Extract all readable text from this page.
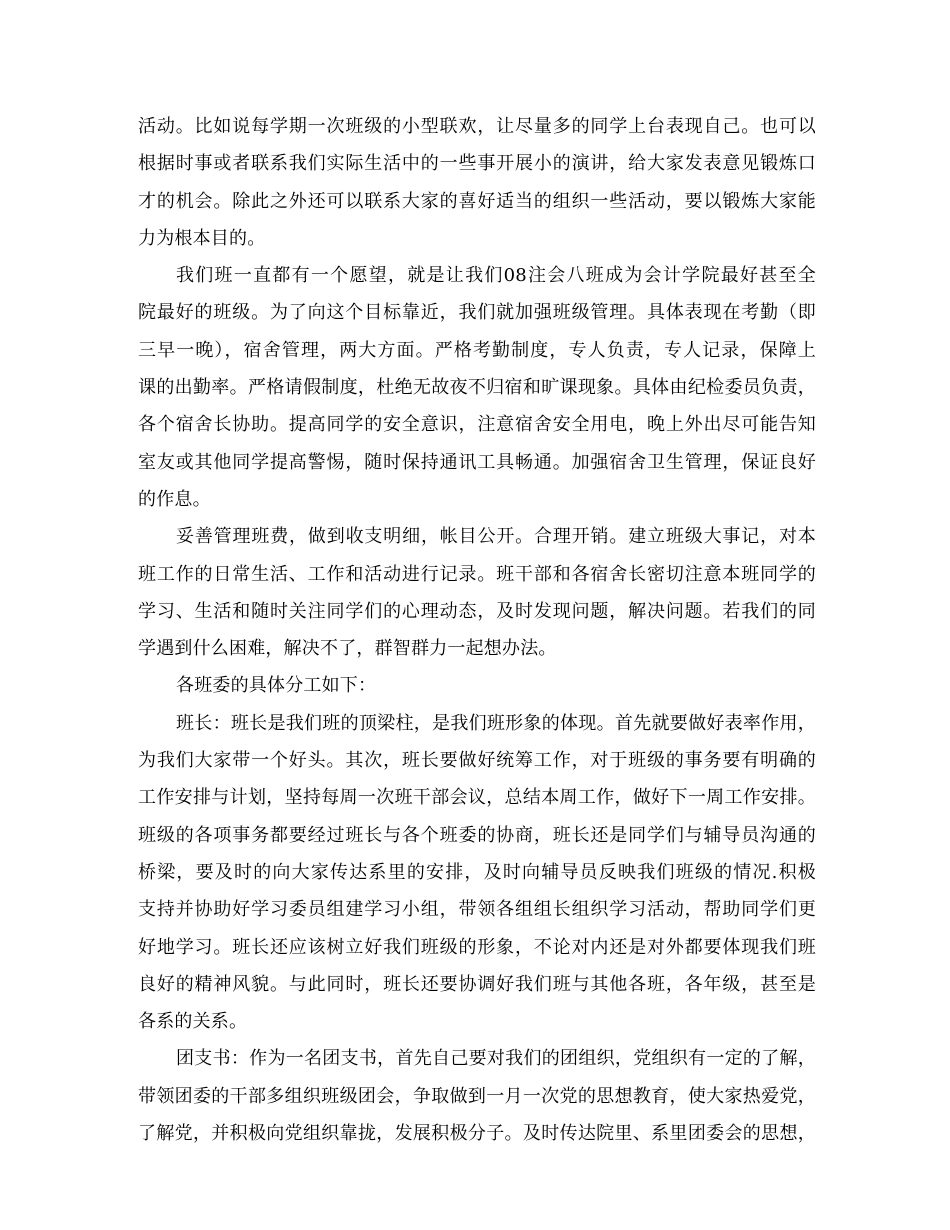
活动。比如说每学期一次班级的小型联欢，让尽量多的同学上台表现自己。也可以
根据时事或者联系我们实际生活中的一些事开展小的演讲，给大家发表意见锻炼口
才的机会。除此之外还可以联系大家的喜好适当的组织一些活动，要以锻炼大家能
力为根本目的。
我们班一直都有一个愿望，就是让我们08注会八班成为会计学院最好甚至全
院最好的班级。为了向这个目标靠近，我们就加强班级管理。具体表现在考勤（即
三早一晚），宿舍管理，两大方面。严格考勤制度，专人负责，专人记录，保障上
课的出勤率。严格请假制度，杜绝无故夜不归宿和旷课现象。具体由纪检委员负责，
各个宿舍长协助。提高同学的安全意识，注意宿舍安全用电，晚上外出尽可能告知
室友或其他同学提高警惕，随时保持通讯工具畅通。加强宿舍卫生管理，保证良好
的作息。
妥善管理班费，做到收支明细，帐目公开。合理开销。建立班级大事记，对本
班工作的日常生活、工作和活动进行记录。班干部和各宿舍长密切注意本班同学的
学习、生活和随时关注同学们的心理动态，及时发现问题，解决问题。若我们的同
学遇到什么困难，解决不了，群智群力一起想办法。
各班委的具体分工如下：
班长：班长是我们班的顶梁柱，是我们班形象的体现。首先就要做好表率作用，
为我们大家带一个好头。其次，班长要做好统筹工作，对于班级的事务要有明确的
工作安排与计划，坚持每周一次班干部会议，总结本周工作，做好下一周工作安排。
班级的各项事务都要经过班长与各个班委的协商，班长还是同学们与辅导员沟通的
桥梁，要及时的向大家传达系里的安排，及时向辅导员反映我们班级的情况.积极
支持并协助好学习委员组建学习小组，带领各组组长组织学习活动，帮助同学们更
好地学习。班长还应该树立好我们班级的形象，不论对内还是对外都要体现我们班
良好的精神风貌。与此同时，班长还要协调好我们班与其他各班，各年级，甚至是
各系的关系。
团支书：作为一名团支书，首先自己要对我们的团组织，党组织有一定的了解，
带领团委的干部多组织班级团会，争取做到一月一次党的思想教育，使大家热爱党，
了解党，并积极向党组织靠拢，发展积极分子。及时传达院里、系里团委会的思想，
